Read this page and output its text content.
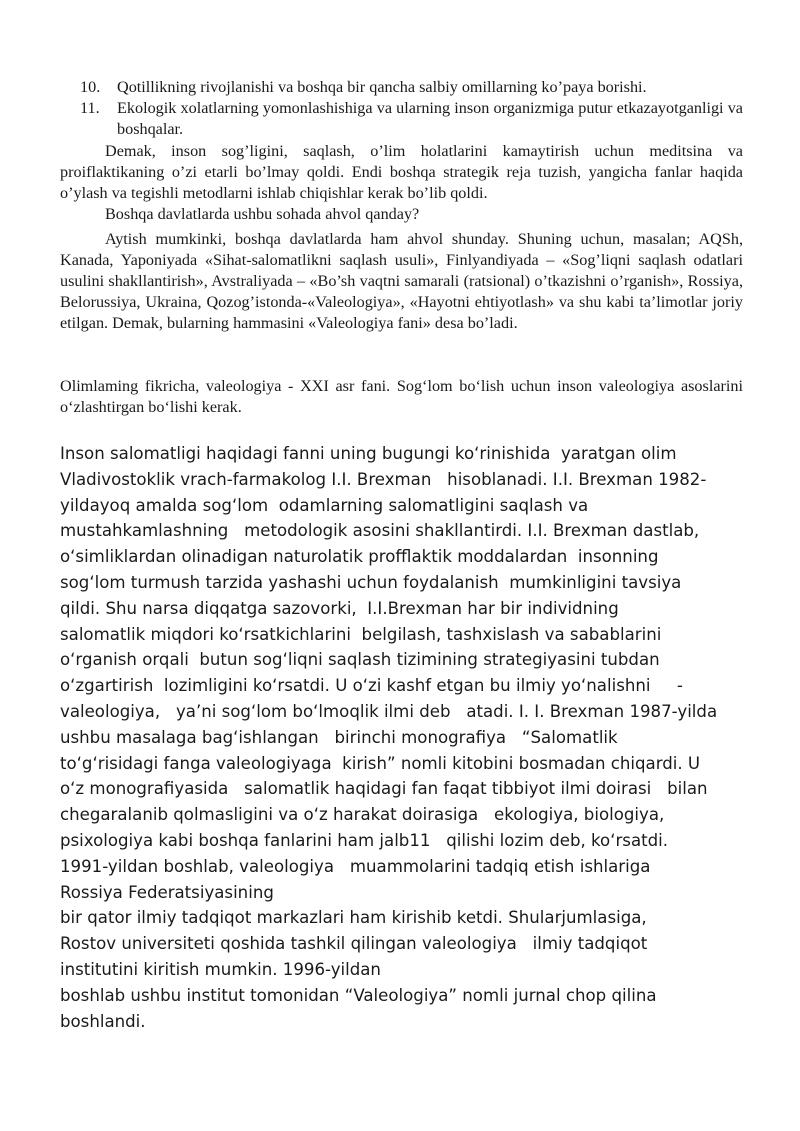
10.	Qotillikning rivojlanishi va boshqa bir qancha salbiy omillarning ko’paya borishi.
11. Ekologik xolatlarning yomonlashishiga va ularning inson organizmiga putur etkazayotganligi va boshqalar.

Demak, inson sog’ligini, saqlash, o’lim holatlarini kamaytirish uchun meditsina va proiflaktikaning o’zi etarli bo’lmay qoldi. Endi boshqa strategik reja tuzish, yangicha fanlar haqida o’ylash va tegishli metodlarni ishlab chiqishlar kerak bo’lib qoldi.

Boshqa davlatlarda ushbu sohada ahvol qanday?

Aytish mumkinki, boshqa davlatlarda ham ahvol shunday. Shuning uchun, masalan; AQSh, Kanada, Yaponiyada «Sihat-salomatlikni saqlash usuli», Finlyandiyada – «Sog’liqni saqlash odatlari usulini shakllantirish», Avstraliyada – «Bo’sh vaqtni samarali (ratsional) o’tkazishni o’rganish», Rossiya, Belorussiya, Ukraina, Qozog’istonda-«Valeologiya», «Hayotni ehtiyotlash» va shu kabi ta’limotlar joriy etilgan. Demak, bularning hammasini «Valeologiya fani» desa bo’ladi.

Olimlaming fikricha, valeologiya - XXI asr fani. Sog‘lom bo‘lish uchun inson valeologiya asoslarini o‘zlashtirgan bo‘lishi kerak.

Inson salomatligi haqidagi fanni uning bugungi ko‘rinishida  yaratgan olim
Vladivostoklik vrach-farmakolog I.I. Brexman   hisoblanadi. I.I. Brexman 1982-
yildayoq amalda sog‘lom  odamlarning salomatligini saqlash va
mustahkamlashning   metodologik asosini shakllantirdi. I.I. Brexman dastlab,
o‘simliklardan olinadigan naturolatik profflaktik moddalardan  insonning
sog‘lom turmush tarzida yashashi uchun foydalanish  mumkinligini tavsiya
qildi. Shu narsa diqqatga sazovorki,  I.I.Brexman har bir individning
salomatlik miqdori ko‘rsatkichlarini  belgilash, tashxislash va sabablarini
o‘rganish orqali  butun sog‘liqni saqlash tizimining strategiyasini tubdan
o‘zgartirish  lozimligini ko‘rsatdi. U o‘zi kashf etgan bu ilmiy yo‘nalishni     -
valeologiya,   ya’ni sog‘lom bo‘lmoqlik ilmi deb   atadi. I. I. Brexman 1987-yilda
ushbu masalaga bag‘ishlangan   birinchi monografiya   “Salomatlik
to‘g‘risidagi fanga valeologiyaga  kirish” nomli kitobini bosmadan chiqardi. U
o‘z monografiyasida   salomatlik haqidagi fan faqat tibbiyot ilmi doirasi   bilan
chegaralanib qolmasligini va o‘z harakat doirasiga   ekologiya, biologiya,
psixologiya kabi boshqa fanlarini ham jalb11   qilishi lozim deb, ko‘rsatdi.
1991-yildan boshlab, valeologiya   muammolarini tadqiq etish ishlariga
Rossiya Federatsiyasining
bir qator ilmiy tadqiqot markazlari ham kirishib ketdi. Shularjumlasiga,
Rostov universiteti qoshida tashkil qilingan valeologiya   ilmiy tadqiqot
institutini kiritish mumkin. 1996-yildan
boshlab ushbu institut tomonidan “Valeologiya” nomli jurnal chop qilina
boshlandi.
